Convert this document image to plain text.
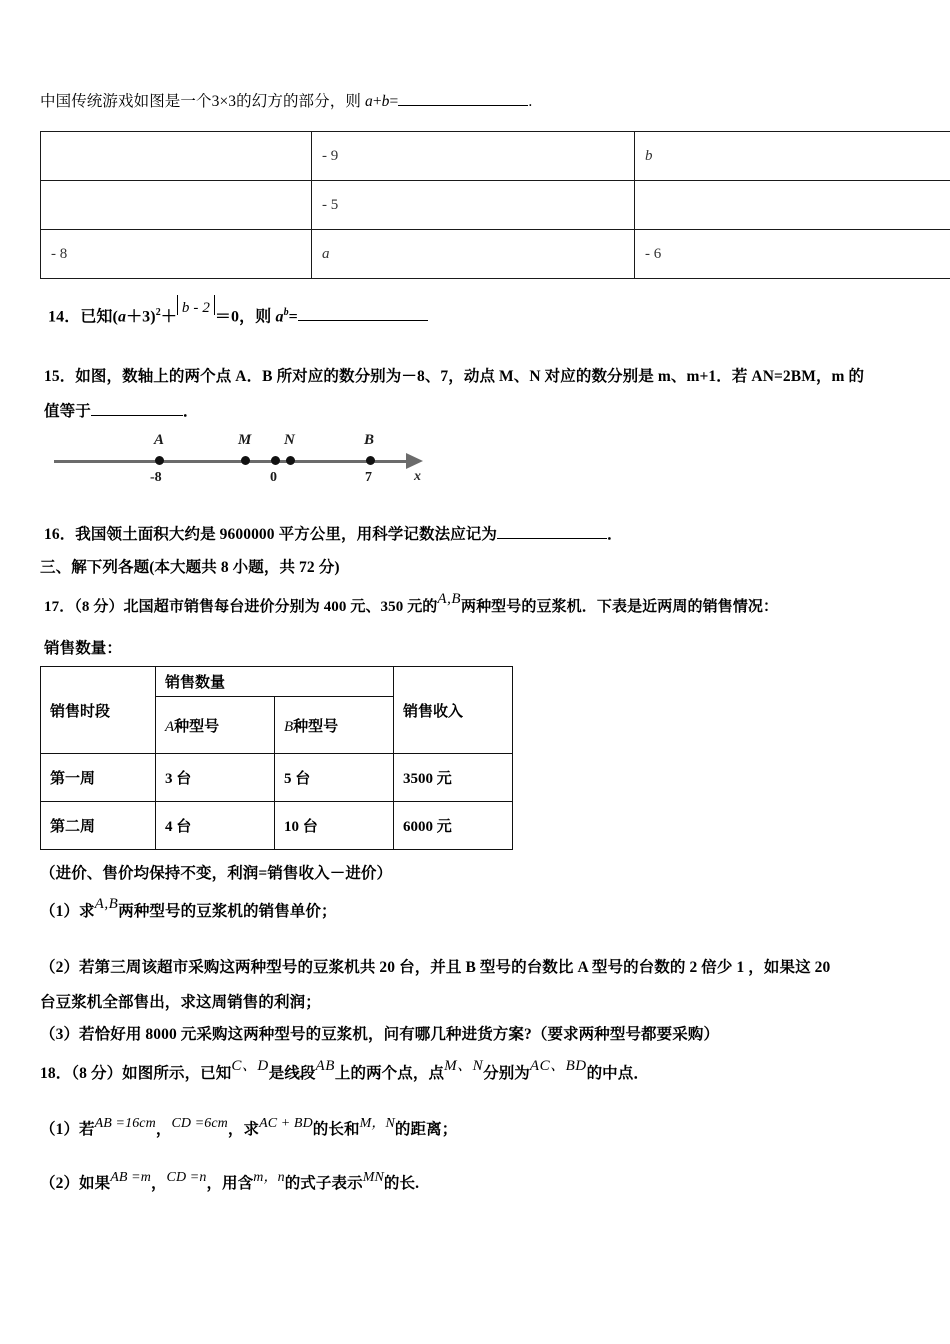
中国传统游戏如图是一个3×3的幻方的部分，则 a+b=	.
	- 9	b
	- 5	
- 8	a	- 6
14．已知$(a+3)^2+ b - 2 =0$，则 $a^b=$
15．如图，数轴上的两个点 A．B 所对应的数分别为－8、7，动点 M、N 对应的数分别是 m、m+1．若 AN=2BM，m 的
值等于	．
A
-8
M
0
N	B
7	x
16．我国领土面积大约是 9600000 平方公里，用科学记数法应记为	．
三、解下列各题(本大题共 8 小题，共 72 分)
17．（8 分）北国超市销售每台进价分别为 400 元、350 元的A,B两种型号的豆浆机．下表是近两周的销售情况：
销售数量：
销售时段	销售数量		销售收入
	A种型号	B种型号	
第一周	3 台	5 台	3500 元
第二周	4 台	10 台	6000 元
（进价、售价均保持不变，利润=销售收入－进价）
（1）求A,B两种型号的豆浆机的销售单价；
（2）若第三周该超市采购这两种型号的豆浆机共 20 台，并且 B 型号的台数比 A 型号的台数的 2 倍少 1 ，如果这 20
台豆浆机全部售出，求这周销售的利润；
（3）若恰好用 8000 元采购这两种型号的豆浆机，问有哪几种进货方案?（要求两种型号都要采购）
18．（8 分）如图所示，已知C、D是线段AB上的两个点，点M、N分别为AC、BD的中点．
（1）若AB =16cm，CD =6cm，求AC + BD的长和M，N的距离；
（2）如果AB =m，CD =n，用含m，n的式子表示MN的长.
